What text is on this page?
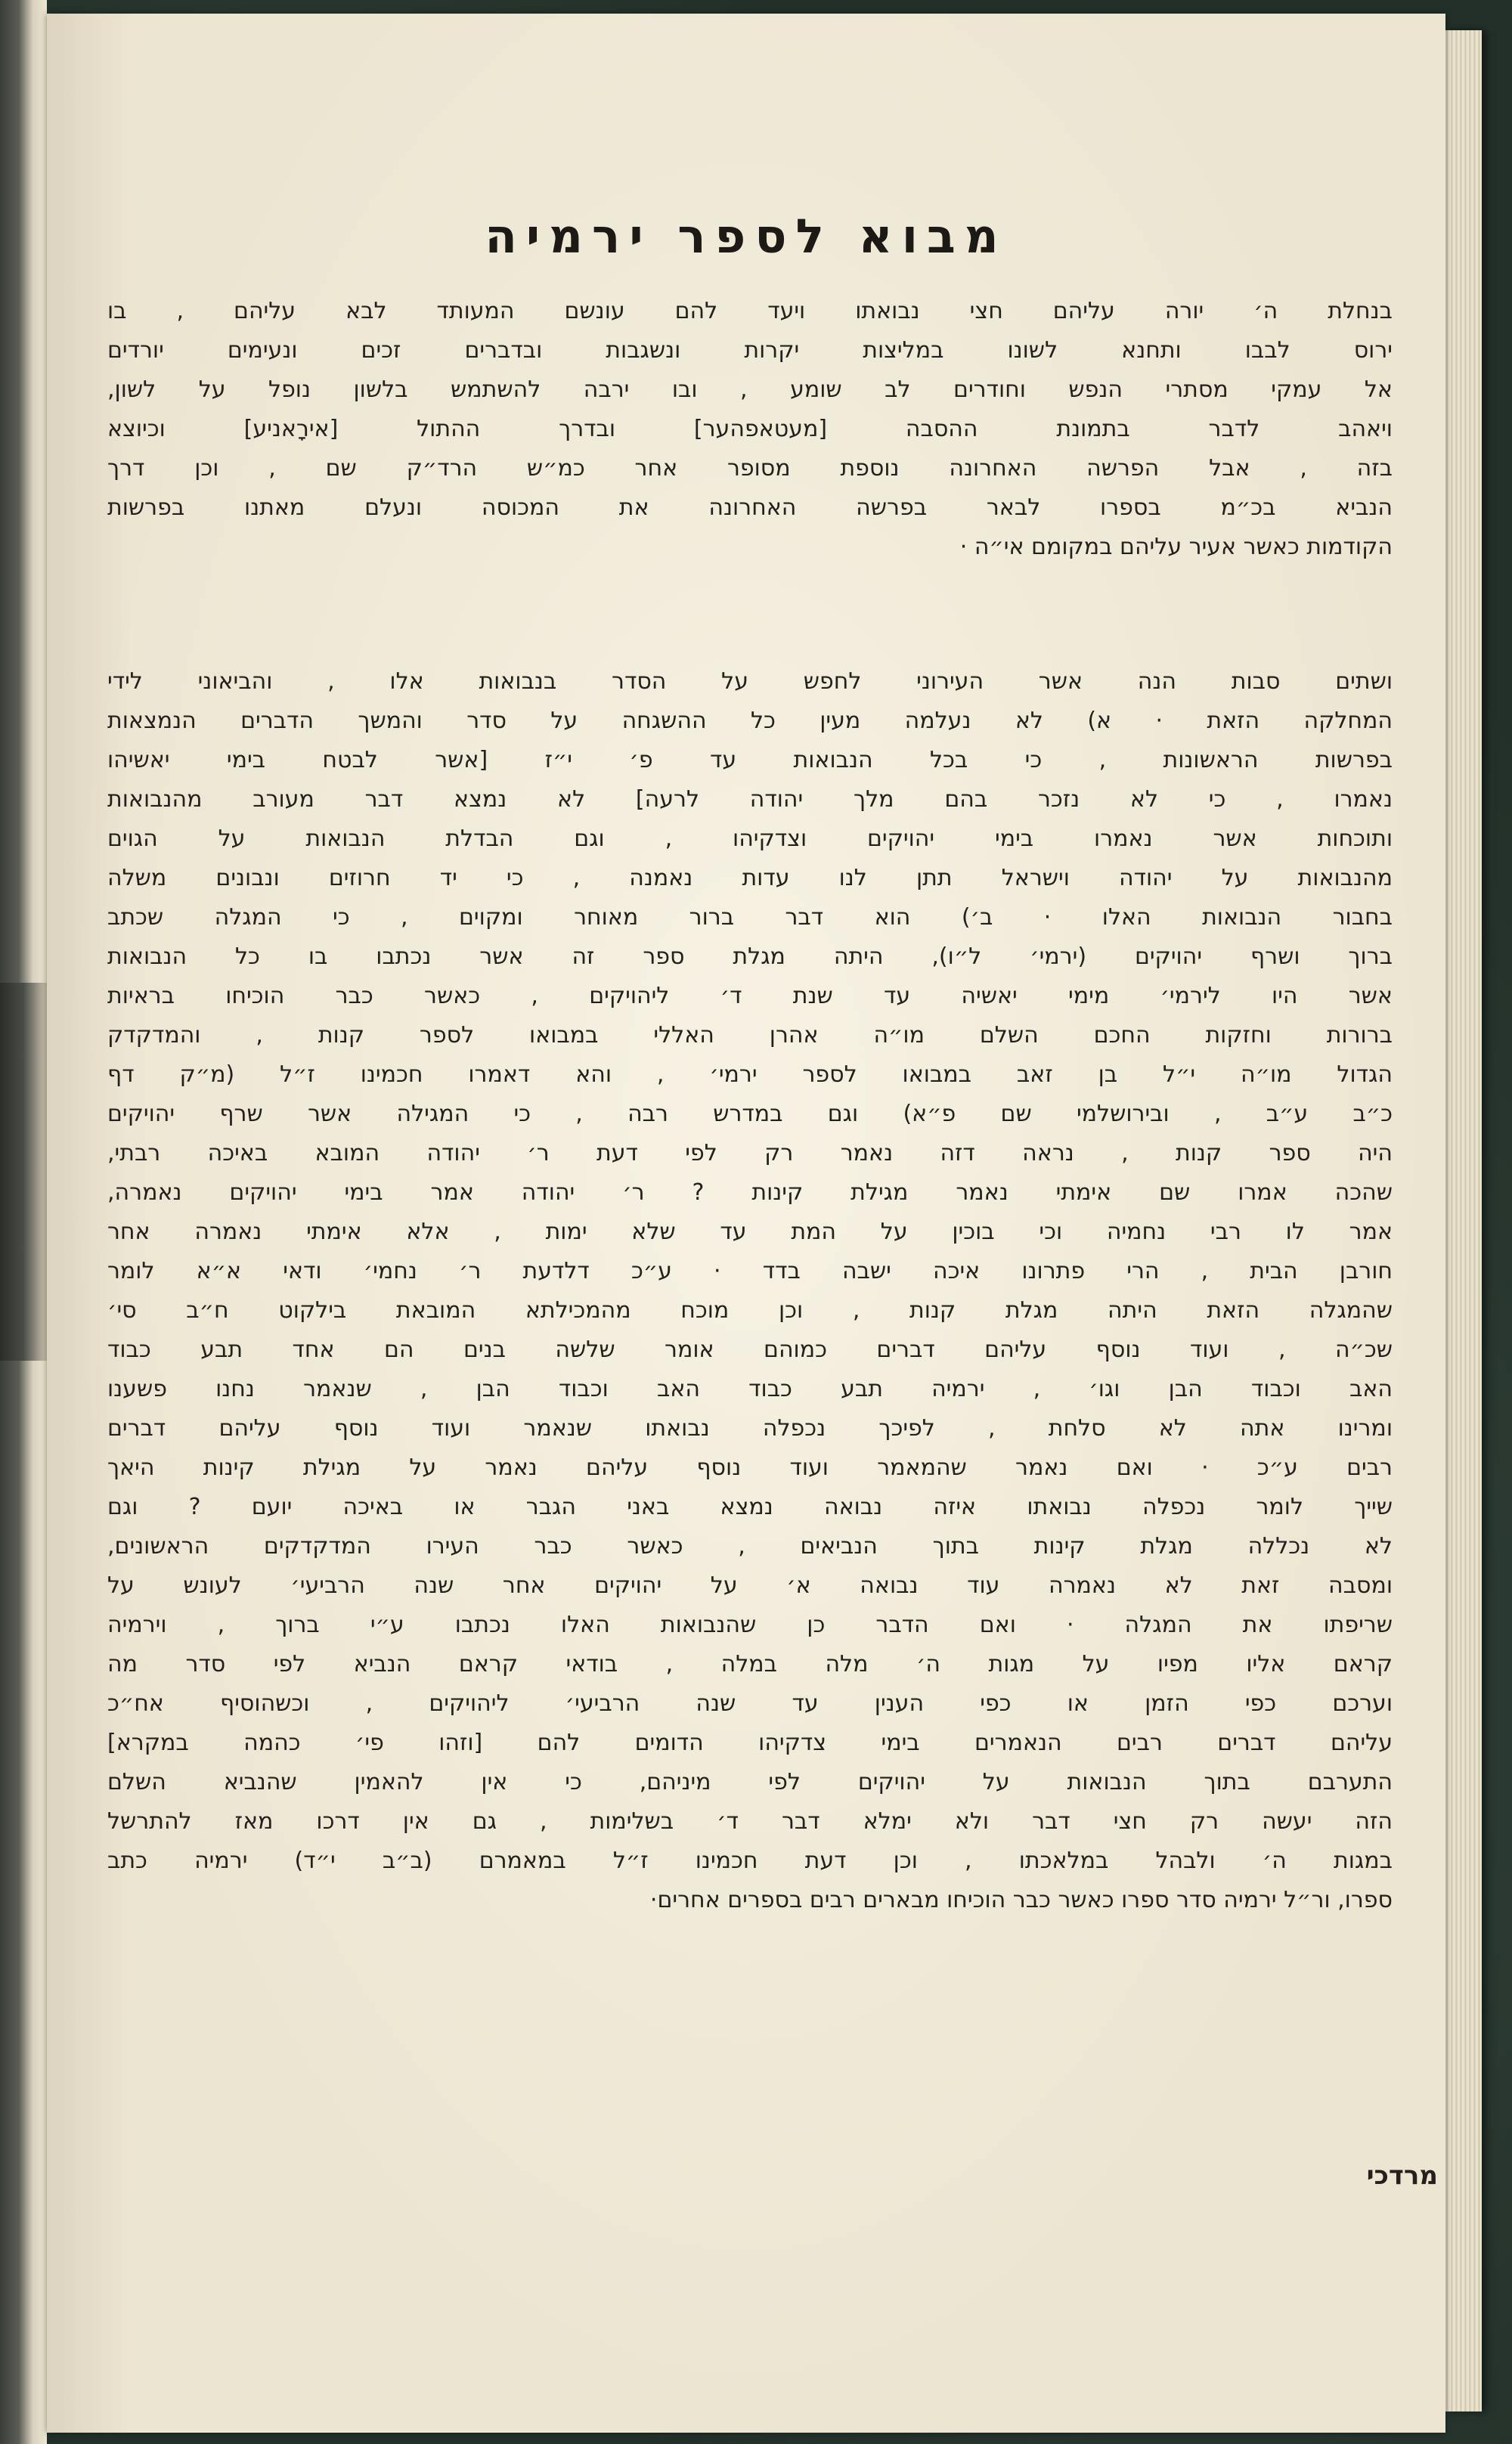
מבוא לספר ירמיה
בנחלת ה׳ יורה עליהם חצי נבואתו ויעד להם עונשם המעותד לבא עליהם , בו
ירוס לבבו ותחנא לשונו במליצות יקרות ונשגבות ובדברים זכים ונעימים יורדים
אל עמקי מסתרי הנפש וחודרים לב שומע , ובו ירבה להשתמש בלשון נופל על לשון,
ויאהב לדבר בתמונת ההסבה [מעטאפהער] ובדרך ההתול [אירָאניע] וכיוצא
בזה , אבל הפרשה האחרונה נוספת מסופר אחר כמ״ש הרד״ק שם , וכן דרך
הנביא בכ״מ בספרו לבאר בפרשה האחרונה את המכוסה ונעלם מאתנו בפרשות
הקודמות כאשר אעיר עליהם במקומם אי״ה ·
ושתים סבות הנה אשר העירוני לחפש על הסדר בנבואות אלו , והביאוני לידי
המחלקה הזאת · א) לא נעלמה מעין כל ההשגחה על סדר והמשך הדברים הנמצאות
בפרשות הראשונות , כי בכל הנבואות עד פ׳ י״ז [אשר לבטח בימי יאשיהו
נאמרו , כי לא נזכר בהם מלך יהודה לרעה] לא נמצא דבר מעורב מהנבואות
ותוכחות אשר נאמרו בימי יהויקים וצדקיהו , וגם הבדלת הנבואות על הגוים
מהנבואות על יהודה וישראל תתן לנו עדות נאמנה , כי יד חרוזים ונבונים משלה
בחבור הנבואות האלו · ב׳) הוא דבר ברור מאוחר ומקוים , כי המגלה שכתב
ברוך ושרף יהויקים (ירמי׳ ל״ו), היתה מגלת ספר זה אשר נכתבו בו כל הנבואות
אשר היו לירמי׳ מימי יאשיה עד שנת ד׳ ליהויקים , כאשר כבר הוכיחו בראיות
ברורות וחזקות החכם השלם מו״ה אהרן האללי במבואו לספר קנות , והמדקדק
הגדול מו״ה י״ל בן זאב במבואו לספר ירמי׳ , והא דאמרו חכמינו ז״ל (מ״ק דף
כ״ב ע״ב , ובירושלמי שם פ״א) וגם במדרש רבה , כי המגילה אשר שרף יהויקים
היה ספר קנות , נראה דזה נאמר רק לפי דעת ר׳ יהודה המובא באיכה רבתי,
שהכה אמרו שם אימתי נאמר מגילת קינות ? ר׳ יהודה אמר בימי יהויקים נאמרה,
אמר לו רבי נחמיה וכי בוכין על המת עד שלא ימות , אלא אימתי נאמרה אחר
חורבן הבית , הרי פתרונו איכה ישבה בדד · ע״כ דלדעת ר׳ נחמי׳ ודאי א״א לומר
שהמגלה הזאת היתה מגלת קנות , וכן מוכח מהמכילתא המובאת בילקוט ח״ב סי׳
שכ״ה , ועוד נוסף עליהם דברים כמוהם אומר שלשה בנים הם אחד תבע כבוד
האב וכבוד הבן וגו׳ , ירמיה תבע כבוד האב וכבוד הבן , שנאמר נחנו פשענו
ומרינו אתה לא סלחת , לפיכך נכפלה נבואתו שנאמר ועוד נוסף עליהם דברים
רבים ע״כ · ואם נאמר שהמאמר ועוד נוסף עליהם נאמר על מגילת קינות היאך
שייך לומר נכפלה נבואתו איזה נבואה נמצא באני הגבר או באיכה יועם ? וגם
לא נכללה מגלת קינות בתוך הנביאים , כאשר כבר העירו המדקדקים הראשונים,
ומסבה זאת לא נאמרה עוד נבואה א׳ על יהויקים אחר שנה הרביעי׳ לעונש על
שריפתו את המגלה · ואם הדבר כן שהנבואות האלו נכתבו ע״י ברוך , וירמיה
קראם אליו מפיו על מגות ה׳ מלה במלה , בודאי קראם הנביא לפי סדר מה
וערכם כפי הזמן או כפי הענין עד שנה הרביעי׳ ליהויקים , וכשהוסיף אח״כ
עליהם דברים רבים הנאמרים בימי צדקיהו הדומים להם [וזהו פי׳ כהמה במקרא]
התערבם בתוך הנבואות על יהויקים לפי מיניהם, כי אין להאמין שהנביא השלם
הזה יעשה רק חצי דבר ולא ימלא דבר ד׳ בשלימות , גם אין דרכו מאז להתרשל
במגות ה׳ ולבהל במלאכתו , וכן דעת חכמינו ז״ל במאמרם (ב״ב י״ד) ירמיה כתב
ספרו, ור״ל ירמיה סדר ספרו כאשר כבר הוכיחו מבארים רבים בספרים אחרים·
מרדכי
